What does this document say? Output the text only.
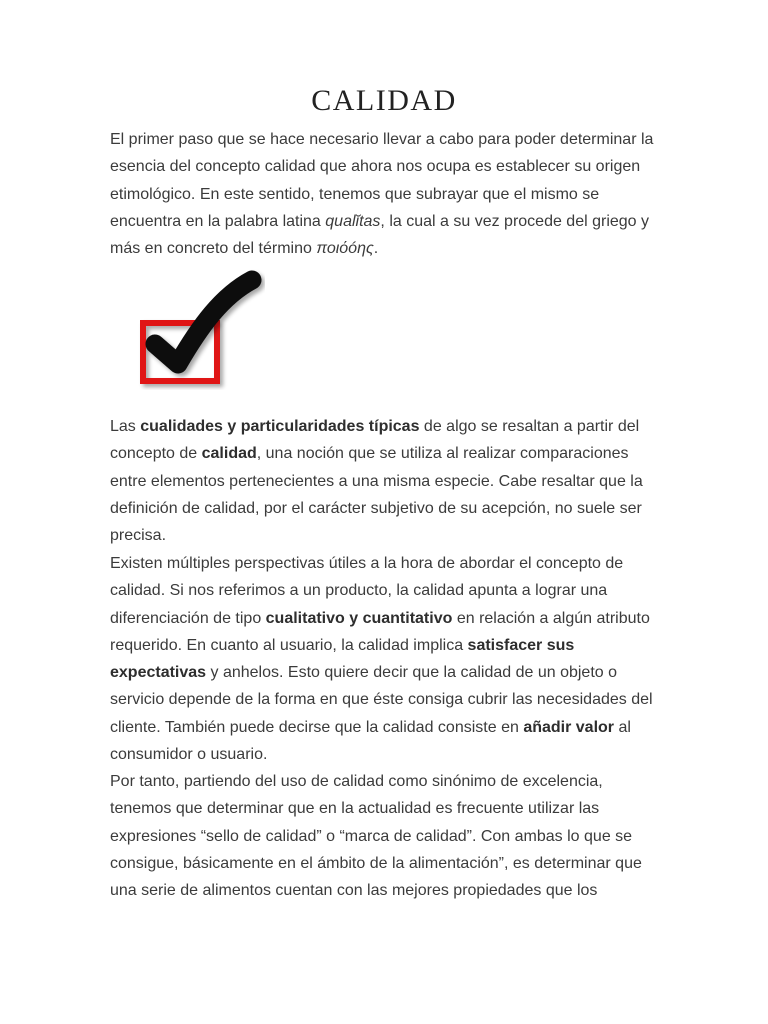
CALIDAD

El primer paso que se hace necesario llevar a cabo para poder determinar la esencia del concepto calidad que ahora nos ocupa es establecer su origen etimológico. En este sentido, tenemos que subrayar que el mismo se encuentra en la palabra latina qualĭtas, la cual a su vez procede del griego y más en concreto del término ποιόóης.

Las cualidades y particularidades típicas de algo se resaltan a partir del concepto de calidad, una noción que se utiliza al realizar comparaciones entre elementos pertenecientes a una misma especie. Cabe resaltar que la definición de calidad, por el carácter subjetivo de su acepción, no suele ser precisa.

Existen múltiples perspectivas útiles a la hora de abordar el concepto de calidad. Si nos referimos a un producto, la calidad apunta a lograr una diferenciación de tipo cualitativo y cuantitativo en relación a algún atributo requerido. En cuanto al usuario, la calidad implica satisfacer sus expectativas y anhelos. Esto quiere decir que la calidad de un objeto o servicio depende de la forma en que éste consiga cubrir las necesidades del cliente. También puede decirse que la calidad consiste en añadir valor al consumidor o usuario.

Por tanto, partiendo del uso de calidad como sinónimo de excelencia, tenemos que determinar que en la actualidad es frecuente utilizar las expresiones “sello de calidad” o “marca de calidad”. Con ambas lo que se consigue, básicamente en el ámbito de la alimentación”, es determinar que una serie de alimentos cuentan con las mejores propiedades que los
